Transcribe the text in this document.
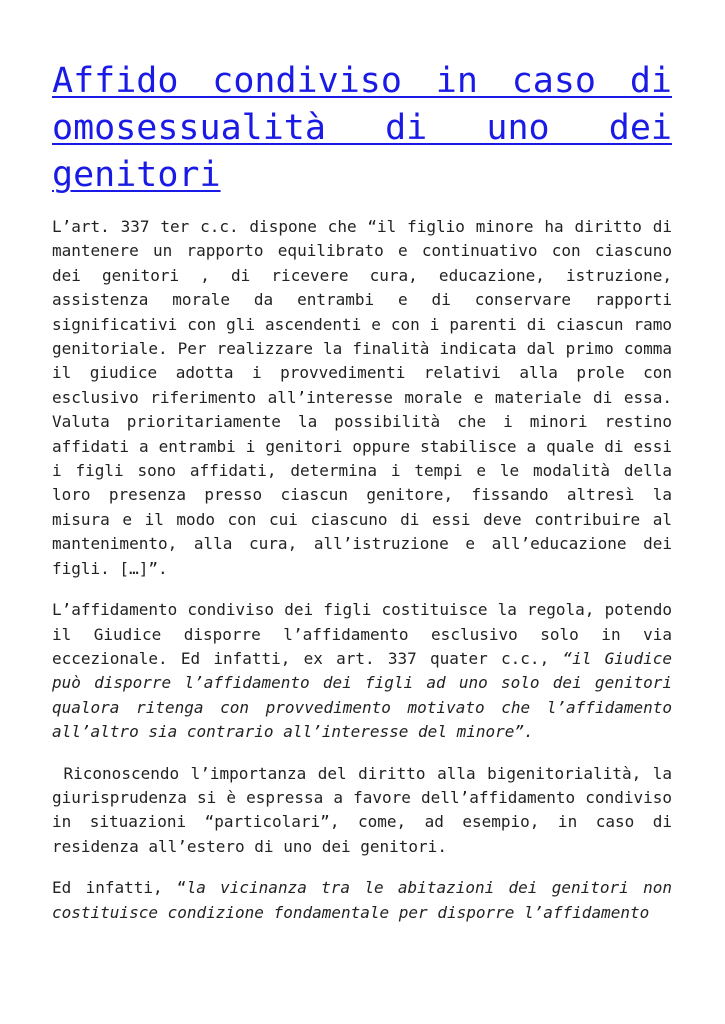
Affido condiviso in caso di omosessualità di uno dei genitori

L’art. 337 ter c.c. dispone che “il figlio minore ha diritto di mantenere un rapporto equilibrato e continuativo con ciascuno dei genitori , di ricevere cura, educazione, istruzione, assistenza morale da entrambi e di conservare rapporti significativi con gli ascendenti e con i parenti di ciascun ramo genitoriale. Per realizzare la finalità indicata dal primo comma il giudice adotta i provvedimenti relativi alla prole con esclusivo riferimento all’interesse morale e materiale di essa. Valuta prioritariamente la possibilità che i minori restino affidati a entrambi i genitori oppure stabilisce a quale di essi i figli sono affidati, determina i tempi e le modalità della loro presenza presso ciascun genitore, fissando altresì la misura e il modo con cui ciascuno di essi deve contribuire al mantenimento, alla cura, all’istruzione e all’educazione dei figli. […]”.

L’affidamento condiviso dei figli costituisce la regola, potendo il Giudice disporre l’affidamento esclusivo solo in via eccezionale. Ed infatti, ex art. 337 quater c.c., “il Giudice può disporre l’affidamento dei figli ad uno solo dei genitori qualora ritenga con provvedimento motivato che l’affidamento all’altro sia contrario all’interesse del minore”.

Riconoscendo l’importanza del diritto alla bigenitorialità, la giurisprudenza si è espressa a favore dell’affidamento condiviso in situazioni “particolari”, come, ad esempio, in caso di residenza all’estero di uno dei genitori.

Ed infatti, “la vicinanza tra le abitazioni dei genitori non costituisce condizione fondamentale per disporre l’affidamento
